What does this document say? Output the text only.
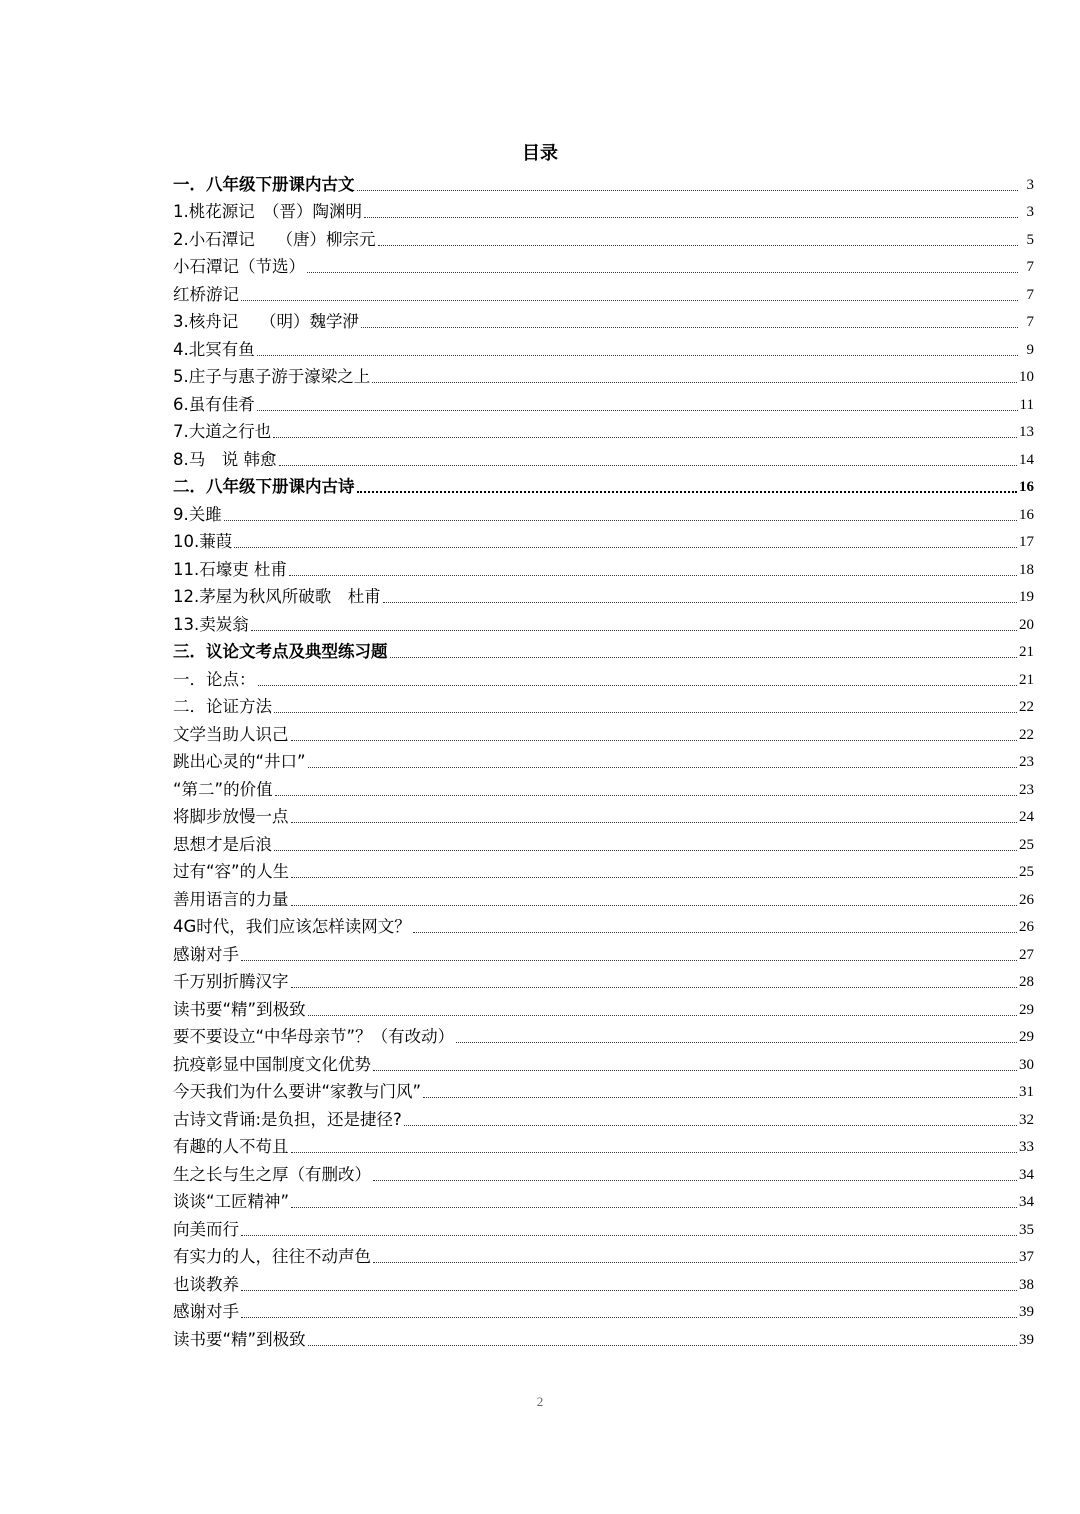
目录
一．八年级下册课内古文	3
1.桃花源记　（晋）陶渊明	3
2.小石潭记　 （唐）柳宗元	5
小石潭记（节选）	7
红桥游记	7
3.核舟记　 （明）魏学洢	7
4.北冥有鱼	9
5.庄子与惠子游于濠梁之上	10
6.虽有佳肴	11
7.大道之行也	13
8.马　说 韩愈	14
二．八年级下册课内古诗	16
9.关雎	16
10.蒹葭	17
11.石壕吏 杜甫	18
12.茅屋为秋风所破歌　杜甫	19
13.卖炭翁	20
三．议论文考点及典型练习题	21
一．论点：	21
二．论证方法	22
文学当助人识己	22
跳出心灵的“井口”	23
“第二”的价值	23
将脚步放慢一点	24
思想才是后浪	25
过有“容”的人生	25
善用语言的力量	26
4G时代，我们应该怎样读网文？	26
感谢对手	27
千万别折腾汉字	28
读书要“精”到极致	29
要不要设立“中华母亲节”？（有改动）	29
抗疫彰显中国制度文化优势	30
今天我们为什么要讲“家教与门风”	31
古诗文背诵:是负担，还是捷径?	32
有趣的人不苟且	33
生之长与生之厚（有删改）	34
谈谈“工匠精神”	34
向美而行	35
有实力的人，往往不动声色	37
也谈教养	38
感谢对手	39
读书要“精”到极致	39
2
